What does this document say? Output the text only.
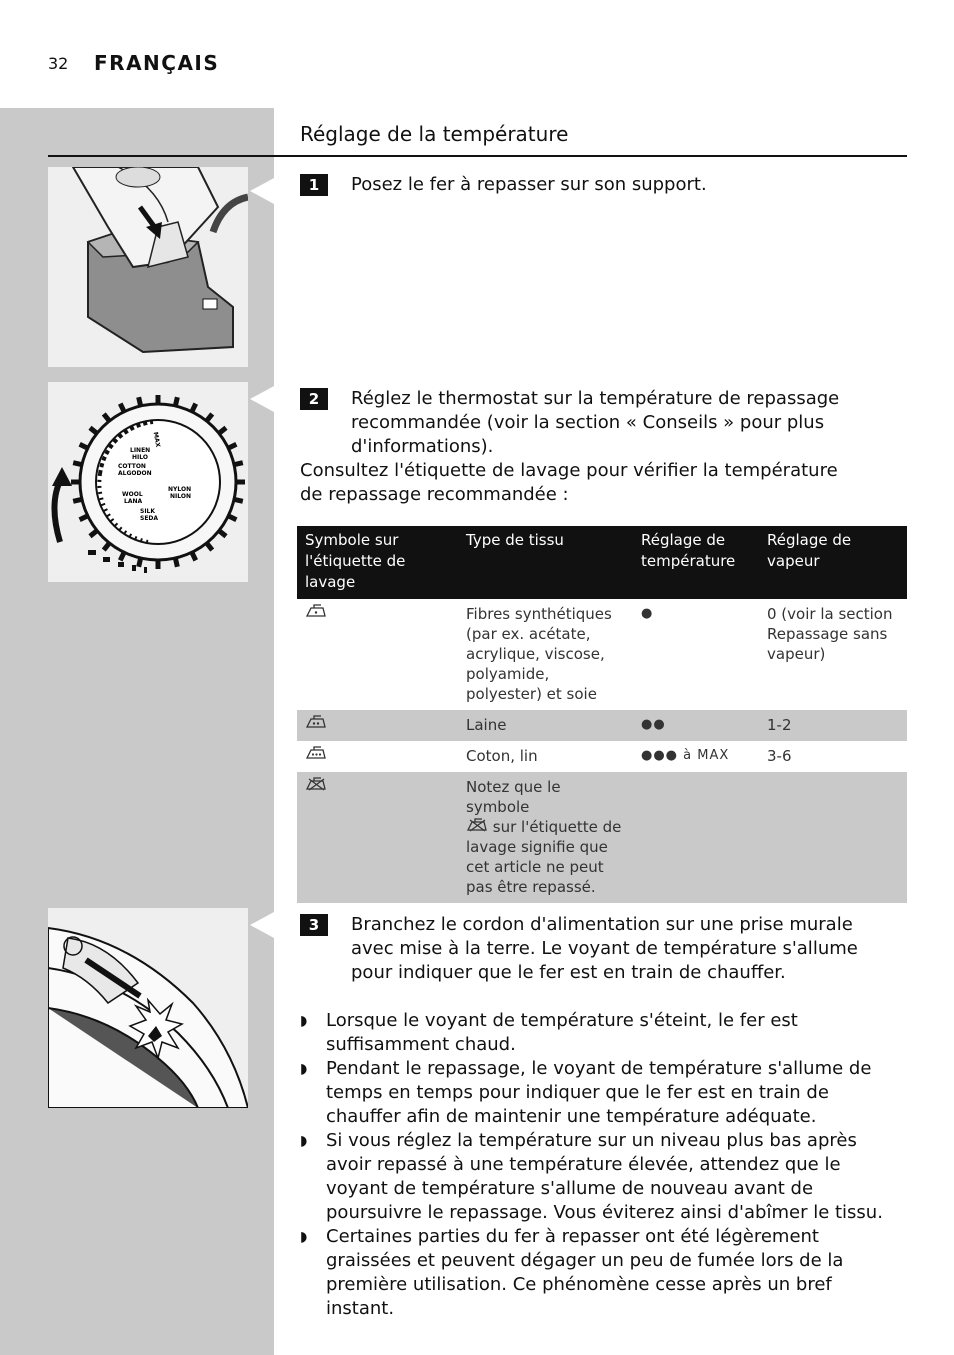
32 FRANÇAIS
Réglage de la température
1	Posez le fer à repasser sur son support.
LINEN
HILO
COTTON
ALGODON
WOOL
LANA
SILK
SEDA
NYLON
NILON
MAX
2	Réglez le thermostat sur la température de repassage recommandée (voir la section « Conseils » pour plus d'informations).
Consultez l'étiquette de lavage pour vérifier la température de repassage recommandée :
Symbole sur l'étiquette de lavage	Type de tissu	Réglage de température	Réglage de vapeur
	Fibres synthétiques (par ex. acétate, acrylique, viscose, polyamide, polyester) et soie	●	0 (voir la section Repassage sans vapeur)
	Laine	●●	1-2
	Coton, lin	●●● à MAX	3-6
	Notez que le symbole
sur l'étiquette de lavage signifie que cet article ne peut pas être repassé.		
3	Branchez le cordon d'alimentation sur une prise murale avec mise à la terre. Le voyant de température s'allume pour indiquer que le fer est en train de chauffer.
◗ Lorsque le voyant de température s'éteint, le fer est suffisamment chaud.
◗ Pendant le repassage, le voyant de température s'allume de temps en temps pour indiquer que le fer est en train de chauffer afin de maintenir une température adéquate.
◗ Si vous réglez la température sur un niveau plus bas après avoir repassé à une température élevée, attendez que le voyant de température s'allume de nouveau avant de poursuivre le repassage. Vous éviterez ainsi d'abîmer le tissu.
◗ Certaines parties du fer à repasser ont été légèrement graissées et peuvent dégager un peu de fumée lors de la première utilisation. Ce phénomène cesse après un bref instant.
